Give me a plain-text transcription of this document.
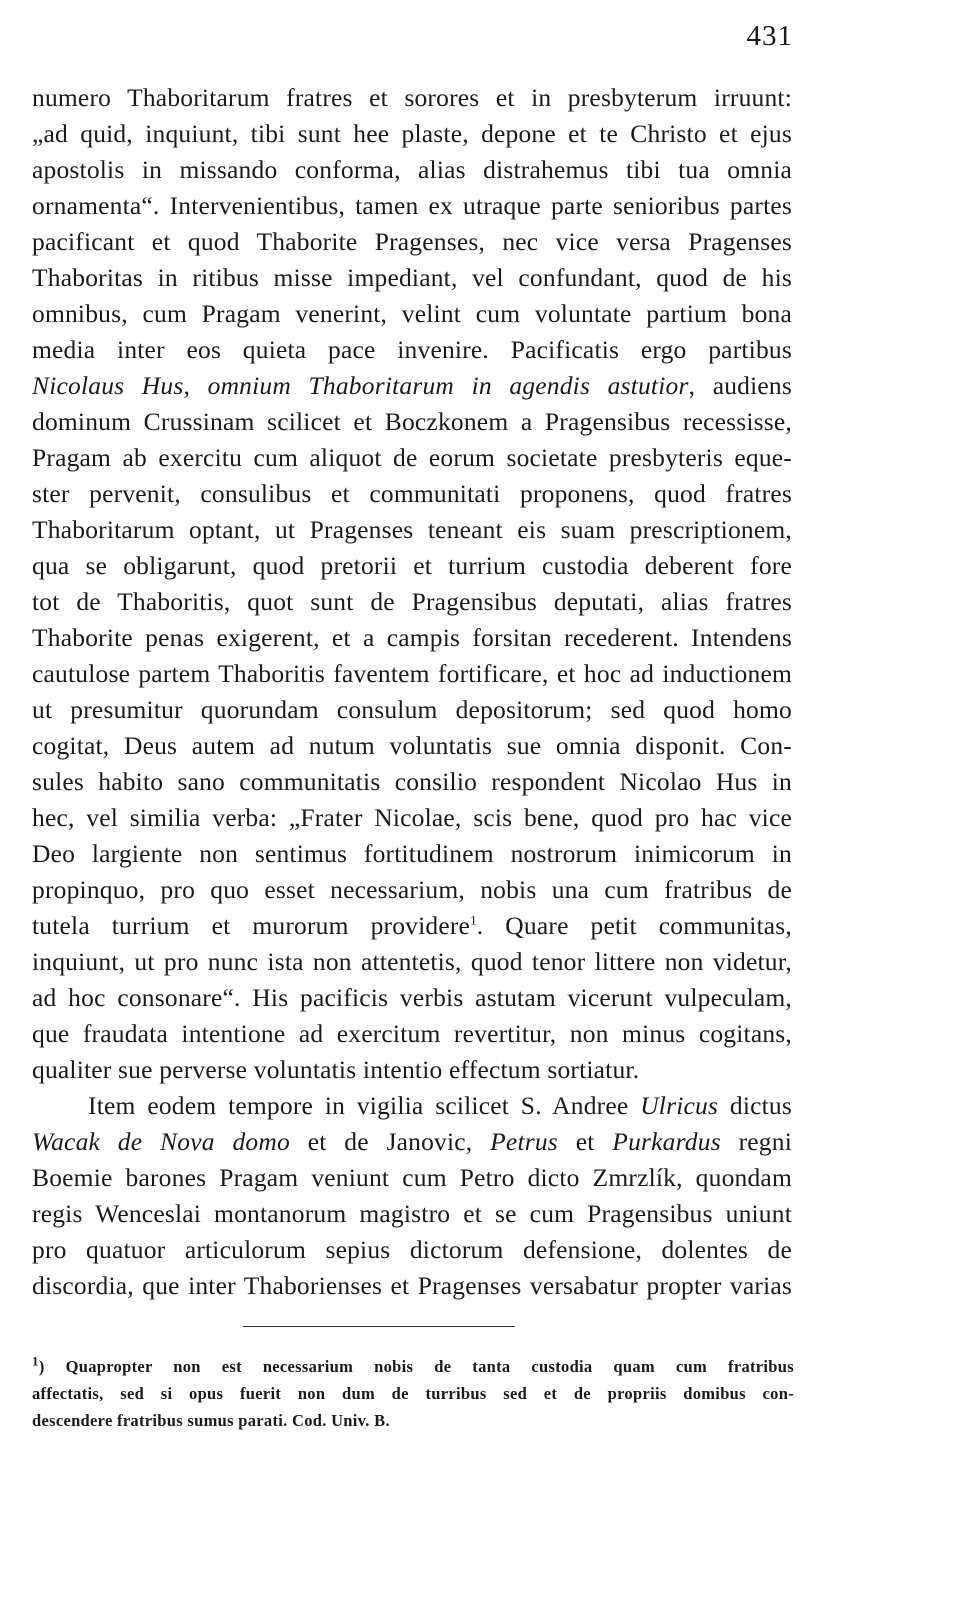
431
numero Thaboritarum fratres et sorores et in presbyterum irruunt:
„ad quid, inquiunt, tibi sunt hee plaste, depone et te Christo et ejus
apostolis in missando conforma, alias distrahemus tibi tua omnia
ornamenta“. Intervenientibus, tamen ex utraque parte senioribus partes
pacificant et quod Thaborite Pragenses, nec vice versa Pragenses
Thaboritas in ritibus misse impediant, vel confundant, quod de his
omnibus, cum Pragam venerint, velint cum voluntate partium bona
media inter eos quieta pace invenire. Pacificatis ergo partibus
Nicolaus Hus, omnium Thaboritarum in agendis astutior, audiens
dominum Crussinam scilicet et Boczkonem a Pragensibus recessisse,
Pragam ab exercitu cum aliquot de eorum societate presbyteris eque-
ster pervenit, consulibus et communitati proponens, quod fratres
Thaboritarum optant, ut Pragenses teneant eis suam prescriptionem,
qua se obligarunt, quod pretorii et turrium custodia deberent fore
tot de Thaboritis, quot sunt de Pragensibus deputati, alias fratres
Thaborite penas exigerent, et a campis forsitan recederent. Intendens
cautulose partem Thaboritis faventem fortificare, et hoc ad inductionem
ut presumitur quorundam consulum depositorum; sed quod homo
cogitat, Deus autem ad nutum voluntatis sue omnia disponit. Con-
sules habito sano communitatis consilio respondent Nicolao Hus in
hec, vel similia verba: „Frater Nicolae, scis bene, quod pro hac vice
Deo largiente non sentimus fortitudinem nostrorum inimicorum in
propinquo, pro quo esset necessarium, nobis una cum fratribus de
tutela turrium et murorum providere$^1$. Quare petit communitas,
inquiunt, ut pro nunc ista non attentetis, quod tenor littere non videtur,
ad hoc consonare“. His pacificis verbis astutam vicerunt vulpeculam,
que fraudata intentione ad exercitum revertitur, non minus cogitans,
qualiter sue perverse voluntatis intentio effectum sortiatur.
Item eodem tempore in vigilia scilicet S. Andree Ulricus dictus
Wacak de Nova domo et de Janovic, Petrus et Purkardus regni
Boemie barones Pragam veniunt cum Petro dicto Zmrzlík, quondam
regis Wenceslai montanorum magistro et se cum Pragensibus uniunt
pro quatuor articulorum sepius dictorum defensione, dolentes de
discordia, que inter Thaborienses et Pragenses versabatur propter varias
$^1$) Quapropter non est necessarium nobis de tanta custodia quam cum fratribus
affectatis, sed si opus fuerit non dum de turribus sed et de propriis domibus con-
descendere fratribus sumus parati. Cod. Univ. B.
